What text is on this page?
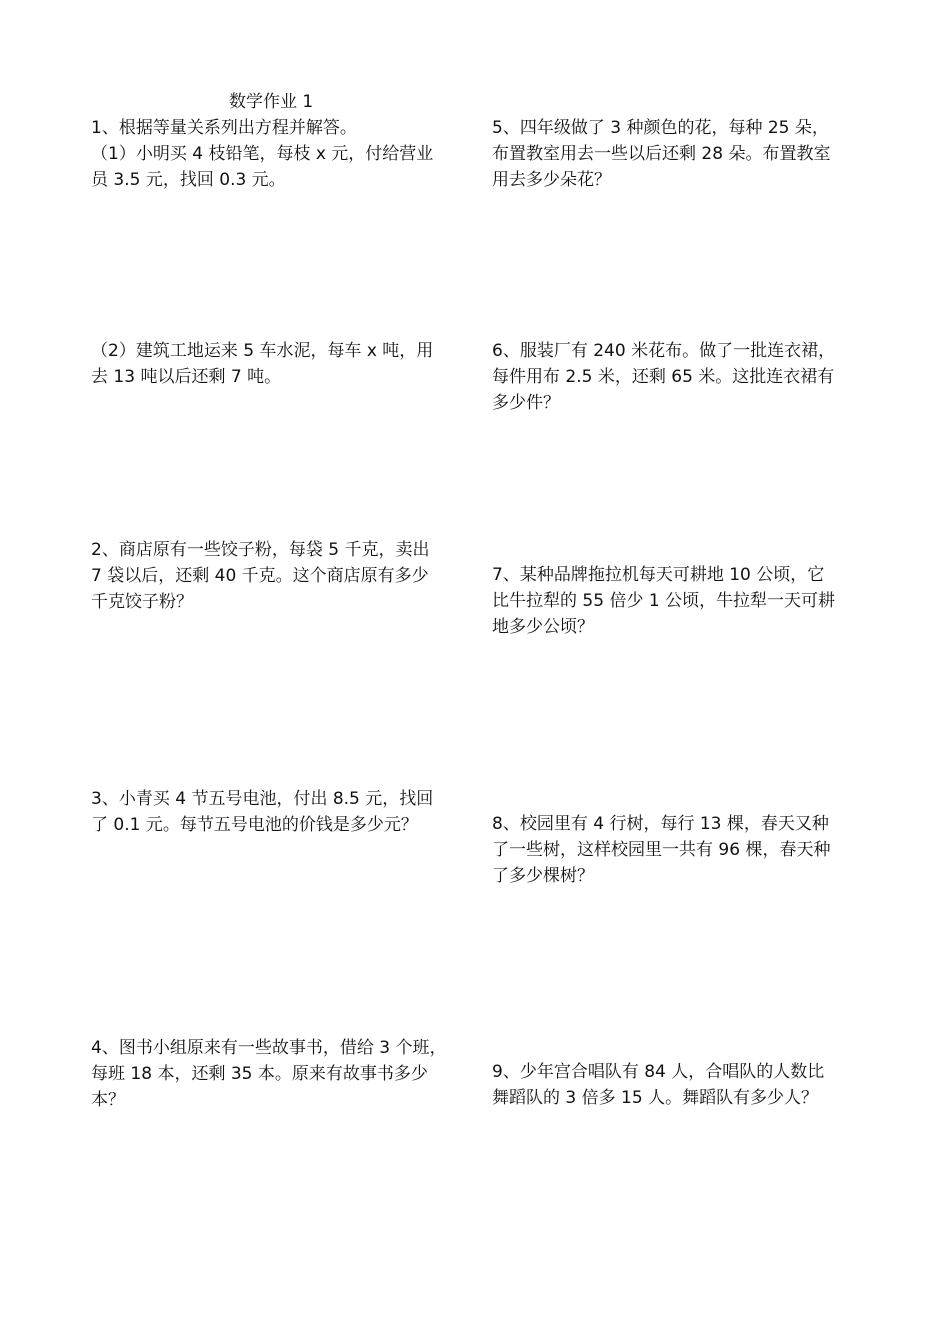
数学作业 1
1、根据等量关系列出方程并解答。
（1）小明买 4 枝铅笔，每枝 x 元，付给营业
员 3.5 元，找回 0.3 元。
（2）建筑工地运来 5 车水泥，每车 x 吨，用
去 13 吨以后还剩 7 吨。
2、商店原有一些饺子粉，每袋 5 千克，卖出
7 袋以后，还剩 40 千克。这个商店原有多少
千克饺子粉？
3、小青买 4 节五号电池，付出 8.5 元，找回
了 0.1 元。每节五号电池的价钱是多少元？
4、图书小组原来有一些故事书，借给 3 个班，
每班 18 本，还剩 35 本。原来有故事书多少
本？
5、四年级做了 3 种颜色的花，每种 25 朵，
布置教室用去一些以后还剩 28 朵。布置教室
用去多少朵花？
6、服装厂有 240 米花布。做了一批连衣裙，
每件用布 2.5 米，还剩 65 米。这批连衣裙有
多少件？
7、某种品牌拖拉机每天可耕地 10 公顷，它
比牛拉犁的 55 倍少 1 公顷，牛拉犁一天可耕
地多少公顷？
8、校园里有 4 行树，每行 13 棵，春天又种
了一些树，这样校园里一共有 96 棵，春天种
了多少棵树？
9、少年宫合唱队有 84 人，合唱队的人数比
舞蹈队的 3 倍多 15 人。舞蹈队有多少人？
